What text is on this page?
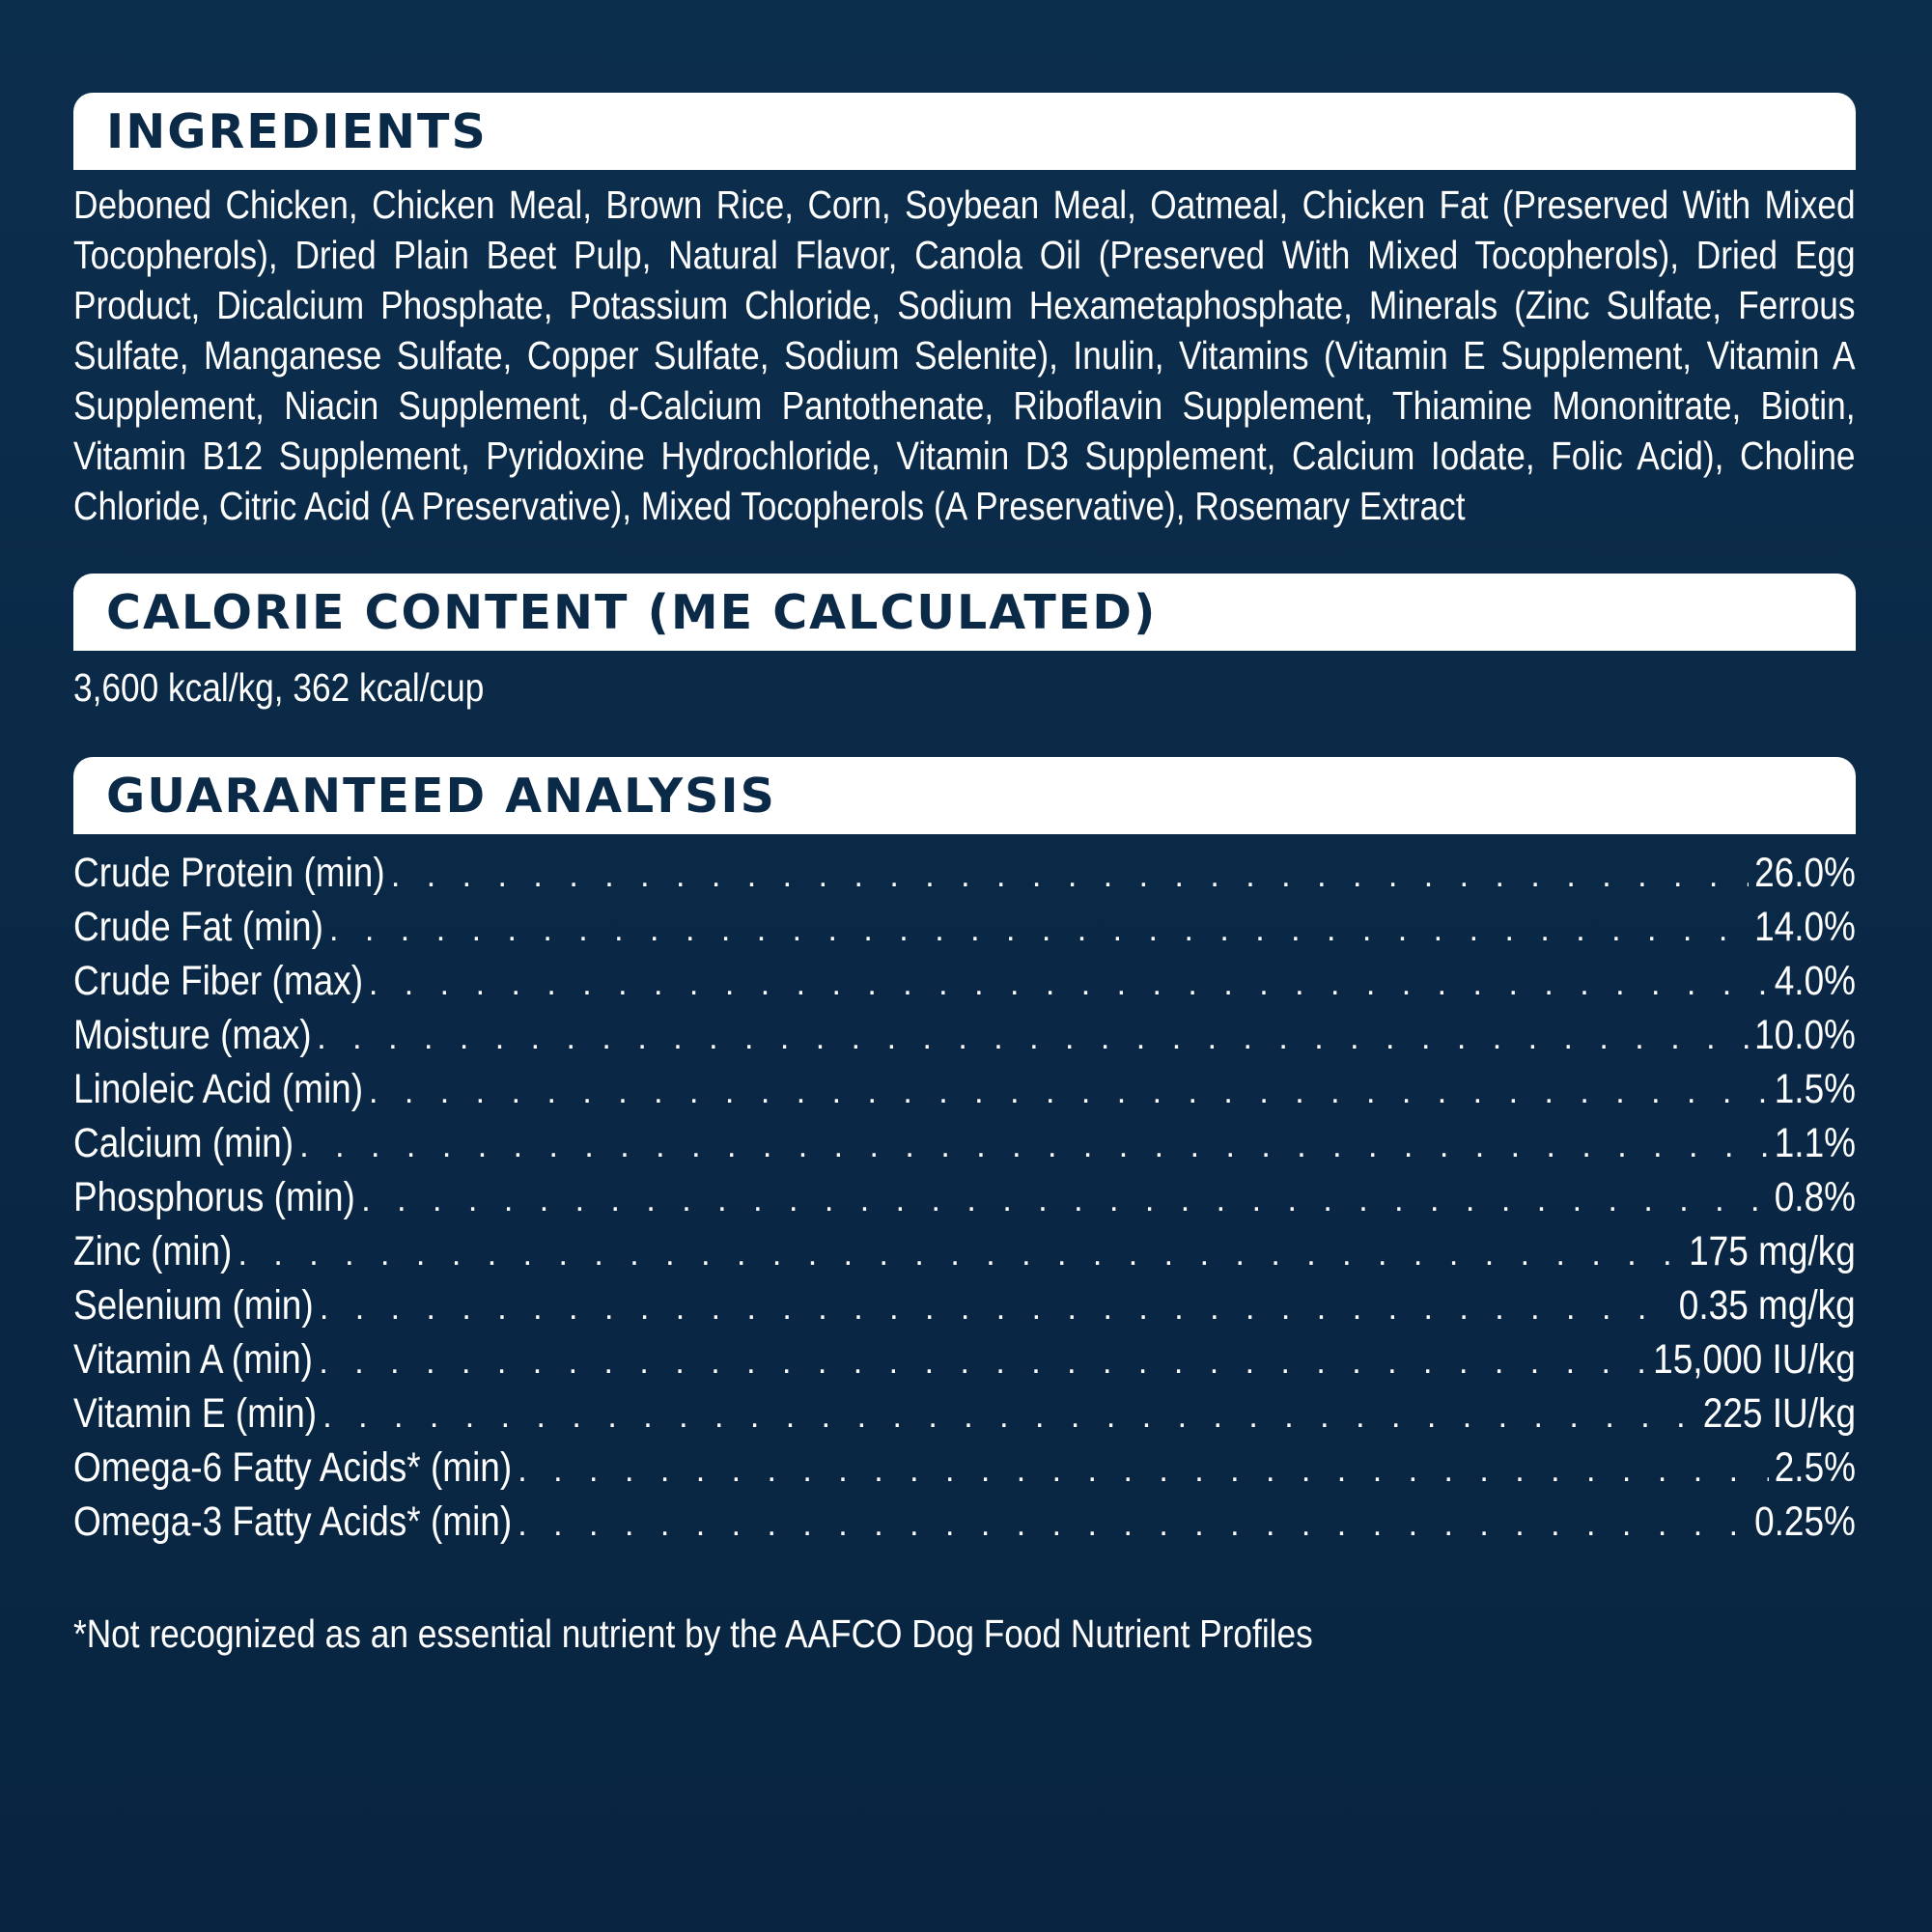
INGREDIENTS

Deboned Chicken, Chicken Meal, Brown Rice, Corn, Soybean Meal, Oatmeal, Chicken Fat (Preserved With Mixed Tocopherols), Dried Plain Beet Pulp, Natural Flavor, Canola Oil (Preserved With Mixed Tocopherols), Dried Egg Product, Dicalcium Phosphate, Potassium Chloride, Sodium Hexametaphosphate, Minerals (Zinc Sulfate, Ferrous Sulfate, Manganese Sulfate, Copper Sulfate, Sodium Selenite), Inulin, Vitamins (Vitamin E Supplement, Vitamin A Supplement, Niacin Supplement, d-Calcium Pantothenate, Riboflavin Supplement, Thiamine Mononitrate, Biotin, Vitamin B12 Supplement, Pyridoxine Hydrochloride, Vitamin D3 Supplement, Calcium Iodate, Folic Acid), Choline Chloride, Citric Acid (A Preservative), Mixed Tocopherols (A Preservative), Rosemary Extract

CALORIE CONTENT (ME CALCULATED)

3,600 kcal/kg, 362 kcal/cup

GUARANTEED ANALYSIS
Crude Protein (min) . . .	26.0%
Crude Fat (min) . . .	14.0%
Crude Fiber (max) . . .	4.0%
Moisture (max) . . .	10.0%
Linoleic Acid (min) . . .	1.5%
Calcium (min) . . .	1.1%
Phosphorus (min) . . .	0.8%
Zinc (min) . . .	175 mg/kg
Selenium (min) . . .	0.35 mg/kg
Vitamin A (min) . . .	15,000 IU/kg
Vitamin E (min) . . .	225 IU/kg
Omega-6 Fatty Acids* (min) . . .	2.5%
Omega-3 Fatty Acids* (min) . . .	0.25%

*Not recognized as an essential nutrient by the AAFCO Dog Food Nutrient Profiles
